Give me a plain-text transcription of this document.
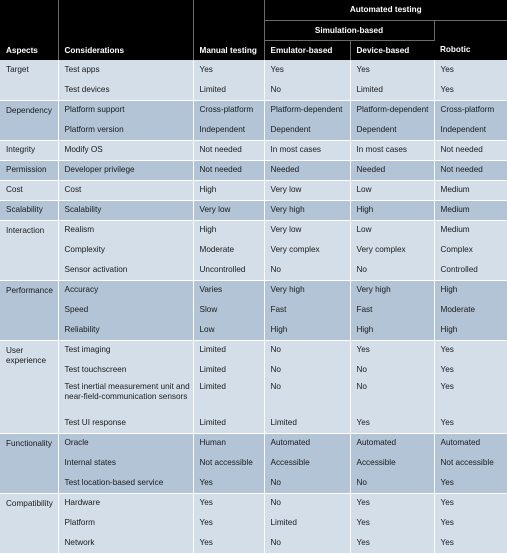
Aspects	Considerations	Manual testing	Automated testing		
			Simulation-based		
			Emulator-based	Device-based	Robotic
Target	Test apps	Yes	Yes	Yes	Yes
	Test devices	Limited	No	Limited	Yes
Dependency	Platform support	Cross-platform	Platform-dependent	Platform-dependent	Cross-platform
	Platform version	Independent	Dependent	Dependent	Independent
Integrity	Modify OS	Not needed	In most cases	In most cases	Not needed
Permission	Developer privilege	Not needed	Needed	Needed	Not needed
Cost	Cost	High	Very low	Low	Medium
Scalability	Scalability	Very low	Very high	High	Medium
Interaction	Realism	High	Very low	Low	Medium
	Complexity	Moderate	Very complex	Very complex	Complex
	Sensor activation	Uncontrolled	No	No	Controlled
Performance	Accuracy	Varies	Very high	Very high	High
	Speed	Slow	Fast	Fast	Moderate
	Reliability	Low	High	High	High
User experience	Test imaging	Limited	No	Yes	Yes
	Test touchscreen	Limited	No	No	Yes
	Test inertial measurement unit and near-field-communication sensors	Limited	No	No	Yes
	Test UI response	Limited	Limited	Yes	Yes
Functionality	Oracle	Human	Automated	Automated	Automated
	Internal states	Not accessible	Accessible	Accessible	Not accessible
	Test location-based service	Yes	No	No	Yes
Compatibility	Hardware	Yes	No	Yes	Yes
	Platform	Yes	Limited	Yes	Yes
	Network	Yes	No	Yes	Yes
